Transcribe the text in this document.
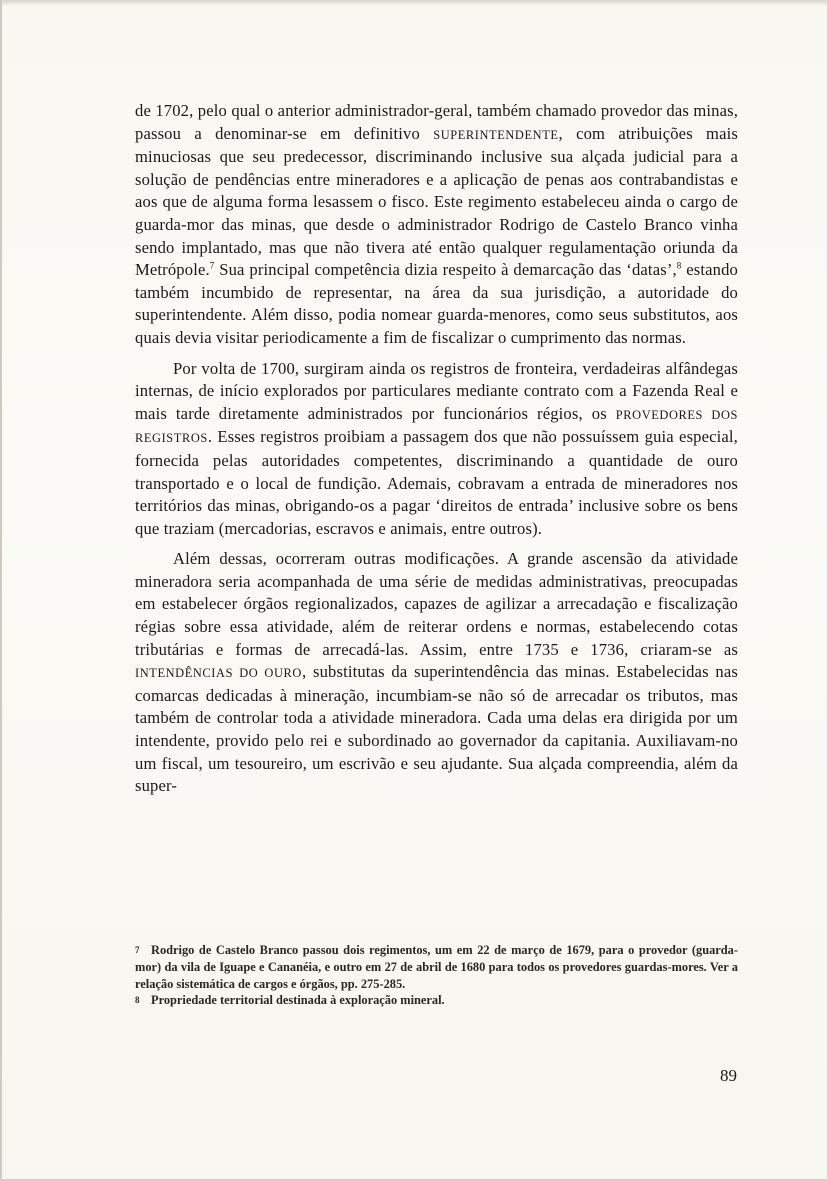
de 1702, pelo qual o anterior administrador-geral, também chamado provedor das minas, passou a denominar-se em definitivo SUPERINTENDENTE, com atribuições mais minuciosas que seu predecessor, discriminando inclusive sua alçada judicial para a solução de pendências entre mineradores e a aplicação de penas aos contrabandistas e aos que de alguma forma lesassem o fisco. Este regimento estabeleceu ainda o cargo de guarda-mor das minas, que desde o administrador Rodrigo de Castelo Branco vinha sendo implantado, mas que não tivera até então qualquer regulamentação oriunda da Metrópole.$^7$ Sua principal competência dizia respeito à demarcação das ‘datas’,$^8$ estando também incumbido de representar, na área da sua jurisdição, a autoridade do superintendente. Além disso, podia nomear guarda-menores, como seus substitutos, aos quais devia visitar periodicamente a fim de fiscalizar o cumprimento das normas.

Por volta de 1700, surgiram ainda os registros de fronteira, verdadeiras alfândegas internas, de início explorados por particulares mediante contrato com a Fazenda Real e mais tarde diretamente administrados por funcionários régios, os PROVEDORES DOS REGISTROS. Esses registros proibiam a passagem dos que não possuíssem guia especial, fornecida pelas autoridades competentes, discriminando a quantidade de ouro transportado e o local de fundição. Ademais, cobravam a entrada de mineradores nos territórios das minas, obrigando-os a pagar ‘direitos de entrada’ inclusive sobre os bens que traziam (mercadorias, escravos e animais, entre outros).

Além dessas, ocorreram outras modificações. A grande ascensão da atividade mineradora seria acompanhada de uma série de medidas administrativas, preocupadas em estabelecer órgãos regionalizados, capazes de agilizar a arrecadação e fiscalização régias sobre essa atividade, além de reiterar ordens e normas, estabelecendo cotas tributárias e formas de arrecadá-las. Assim, entre 1735 e 1736, criaram-se as INTENDÊNCIAS DO OURO, substitutas da superintendência das minas. Estabelecidas nas comarcas dedicadas à mineração, incumbiam-se não só de arrecadar os tributos, mas também de controlar toda a atividade mineradora. Cada uma delas era dirigida por um intendente, provido pelo rei e subordinado ao governador da capitania. Auxiliavam-no um fiscal, um tesoureiro, um escrivão e seu ajudante. Sua alçada compreendia, além da super-

7 Rodrigo de Castelo Branco passou dois regimentos, um em 22 de março de 1679, para o provedor (guarda-mor) da vila de Iguape e Cananéia, e outro em 27 de abril de 1680 para todos os provedores guardas-mores. Ver a relação sistemática de cargos e órgãos, pp. 275-285.

8 Propriedade territorial destinada à exploração mineral.

89
